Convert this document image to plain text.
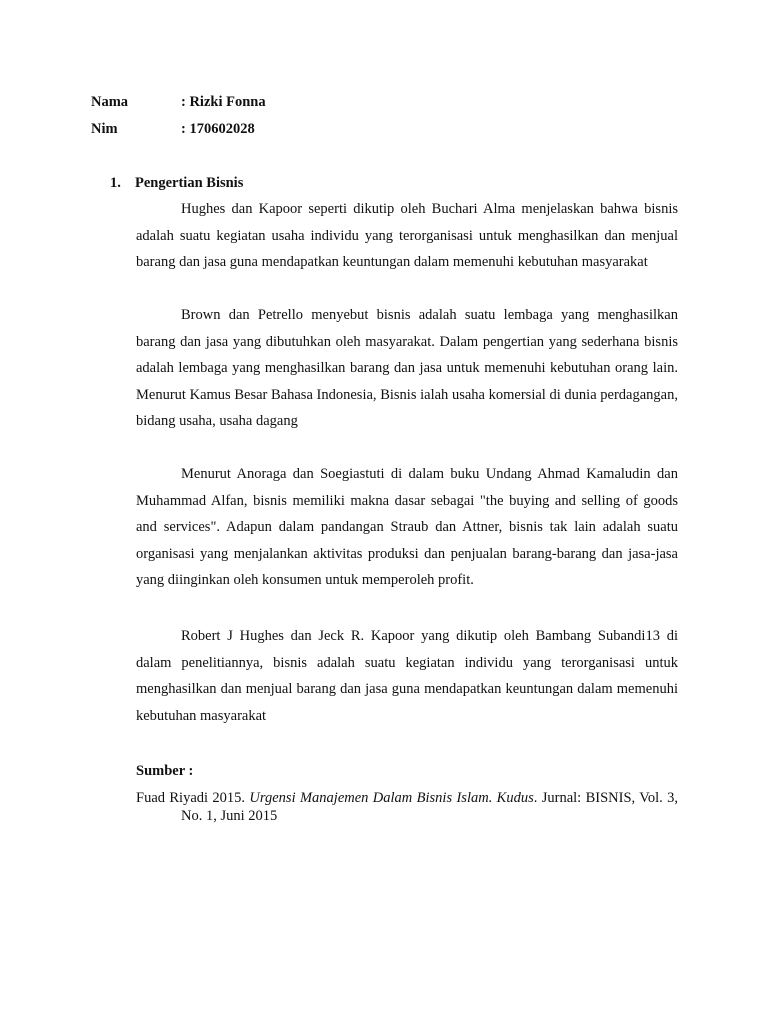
Nama	: Rizki Fonna
Nim	: 170602028
1. Pengertian Bisnis

Hughes dan Kapoor seperti dikutip oleh Buchari Alma menjelaskan bahwa bisnis adalah suatu kegiatan usaha individu yang terorganisasi untuk menghasilkan dan menjual barang dan jasa guna mendapatkan keuntungan dalam memenuhi kebutuhan masyarakat

Brown dan Petrello menyebut bisnis adalah suatu lembaga yang menghasilkan barang dan jasa yang dibutuhkan oleh masyarakat. Dalam pengertian yang sederhana bisnis adalah lembaga yang menghasilkan barang dan jasa untuk memenuhi kebutuhan orang lain. Menurut Kamus Besar Bahasa Indonesia, Bisnis ialah usaha komersial di dunia perdagangan, bidang usaha, usaha dagang

Menurut Anoraga dan Soegiastuti di dalam buku Undang Ahmad Kamaludin dan Muhammad Alfan, bisnis memiliki makna dasar sebagai "the buying and selling of goods and services". Adapun dalam pandangan Straub dan Attner, bisnis tak lain adalah suatu organisasi yang menjalankan aktivitas produksi dan penjualan barang-barang dan jasa-jasa yang diinginkan oleh konsumen untuk memperoleh profit.

Robert J Hughes dan Jeck R. Kapoor yang dikutip oleh Bambang Subandi13 di dalam penelitiannya, bisnis adalah suatu kegiatan individu yang terorganisasi untuk menghasilkan dan menjual barang dan jasa guna mendapatkan keuntungan dalam memenuhi kebutuhan masyarakat

Sumber :

Fuad Riyadi 2015. Urgensi Manajemen Dalam Bisnis Islam. Kudus. Jurnal: BISNIS, Vol. 3, No. 1, Juni 2015
